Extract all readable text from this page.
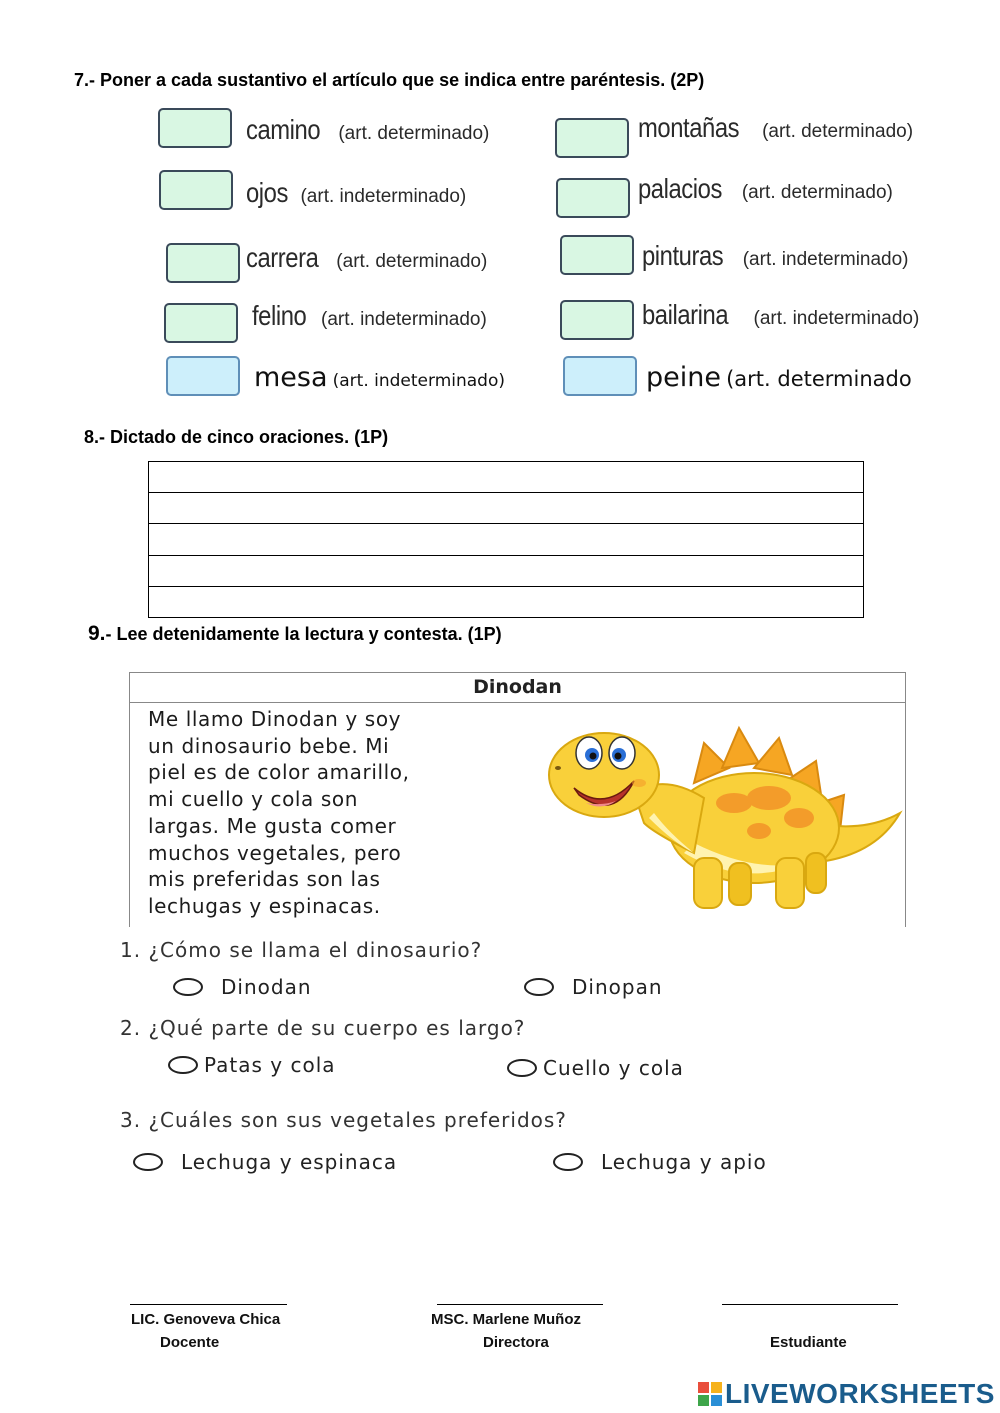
7.- Poner a cada sustantivo el artículo que se indica entre paréntesis. (2P)
camino (art. determinado)	montañas (art. determinado)
ojos (art. indeterminado)	palacios (art. determinado)
carrera (art. determinado)	pinturas (art. indeterminado)
felino (art. indeterminado)	bailarina (art. indeterminado)
mesa (art. indeterminado)	peine (art. determinado
8.- Dictado de cinco oraciones. (1P)
9.- Lee detenidamente la lectura y contesta. (1P)
Dinodan
Me llamo Dinodan y soy
un dinosaurio bebe. Mi
piel es de color amarillo,
mi cuello y cola son
largas. Me gusta comer
muchos vegetales, pero
mis preferidas son las
lechugas y espinacas.
1. ¿Cómo se llama el dinosaurio?
Dinodan	Dinopan
2. ¿Qué parte de su cuerpo es largo?
Patas y cola	Cuello y cola
3. ¿Cuáles son sus vegetales preferidos?
Lechuga y espinaca	Lechuga y apio
LIC. Genoveva Chica
Docente
MSC. Marlene Muñoz
Directora	Estudiante
LIVEWORKSHEETS
